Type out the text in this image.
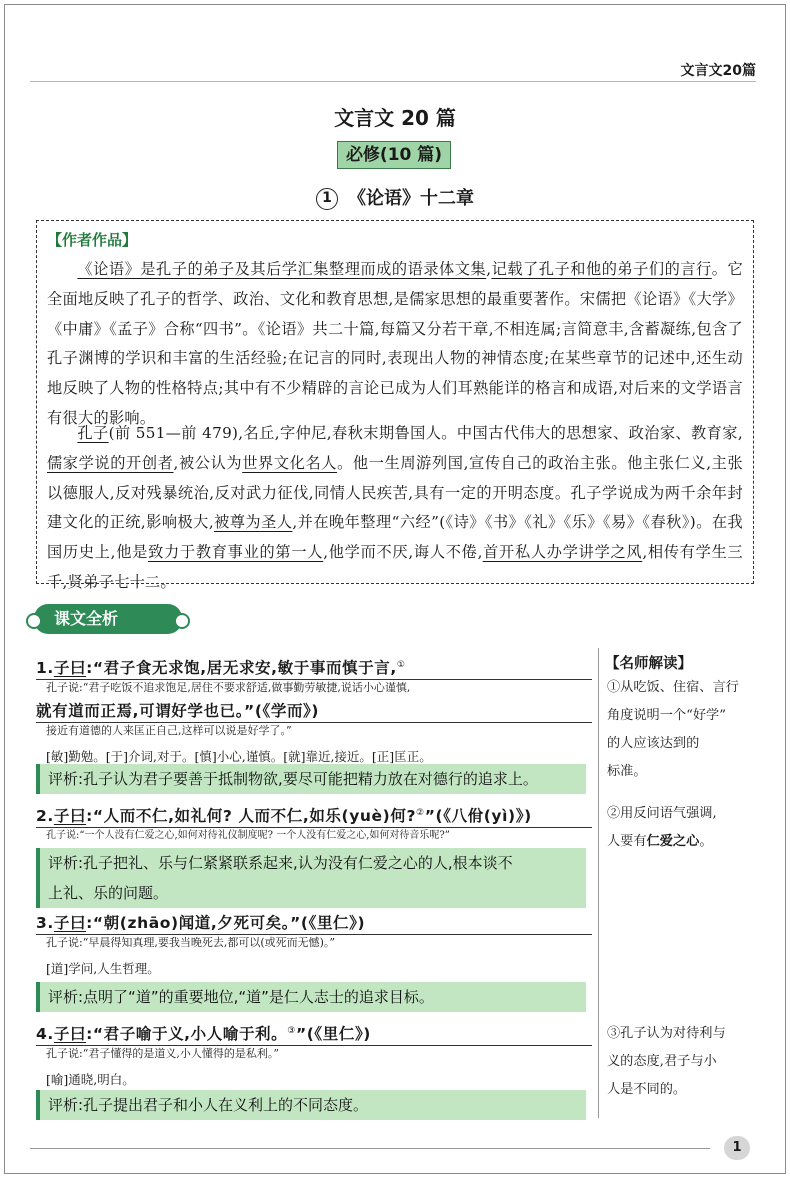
文言文20篇
文言文 20 篇
必修(10 篇)
1 《论语》十二章
【作者作品】

《论语》是孔子的弟子及其后学汇集整理而成的语录体文集,记载了孔子和他的弟子们的言行。它全面地反映了孔子的哲学、政治、文化和教育思想,是儒家思想的最重要著作。宋儒把《论语》《大学》《中庸》《孟子》合称“四书”。《论语》共二十篇,每篇又分若干章,不相连属;言简意丰,含蓄凝练,包含了孔子渊博的学识和丰富的生活经验;在记言的同时,表现出人物的神情态度;在某些章节的记述中,还生动地反映了人物的性格特点;其中有不少精辟的言论已成为人们耳熟能详的格言和成语,对后来的文学语言有很大的影响。

孔子(前 551—前 479),名丘,字仲尼,春秋末期鲁国人。中国古代伟大的思想家、政治家、教育家,儒家学说的开创者,被公认为世界文化名人。他一生周游列国,宣传自己的政治主张。他主张仁义,主张以德服人,反对残暴统治,反对武力征伐,同情人民疾苦,具有一定的开明态度。孔子学说成为两千余年封建文化的正统,影响极大,被尊为圣人,并在晚年整理“六经”(《诗》《书》《礼》《乐》《易》《春秋》)。在我国历史上,他是致力于教育事业的第一人,他学而不厌,诲人不倦,首开私人办学讲学之风,相传有学生三千,贤弟子七十二。

课文全析
1.子曰:“君子食无求饱,居无求安,敏于事而慎于言,①
孔子说:“君子吃饭不追求饱足,居住不要求舒适,做事勤劳敏捷,说话小心谨慎,
就有道而正焉,可谓好学也已。”(《学而》)
接近有道德的人来匡正自己,这样可以说是好学了。”
[敏]勤勉。[于]介词,对于。[慎]小心,谨慎。[就]靠近,接近。[正]匡正。
评析:孔子认为君子要善于抵制物欲,要尽可能把精力放在对德行的追求上。
2.子曰:“人而不仁,如礼何? 人而不仁,如乐(yuè)何?②”(《八佾(yì)》)
孔子说:“一个人没有仁爱之心,如何对待礼仪制度呢? 一个人没有仁爱之心,如何对待音乐呢?”
评析:孔子把礼、乐与仁紧紧联系起来,认为没有仁爱之心的人,根本谈不
上礼、乐的问题。
3.子曰:“朝(zhāo)闻道,夕死可矣。”(《里仁》)
孔子说:“早晨得知真理,要我当晚死去,都可以(或死而无憾)。”
[道]学问,人生哲理。
评析:点明了“道”的重要地位,“道”是仁人志士的追求目标。
4.子曰:“君子喻于义,小人喻于利。③”(《里仁》)
孔子说:“君子懂得的是道义,小人懂得的是私利。”
[喻]通晓,明白。
评析:孔子提出君子和小人在义利上的不同态度。
【名师解读】
①从吃饭、住宿、言行
角度说明一个“好学”
的人应该达到的
标准。
②用反问语气强调,
人要有仁爱之心。
③孔子认为对待利与
义的态度,君子与小
人是不同的。
1
